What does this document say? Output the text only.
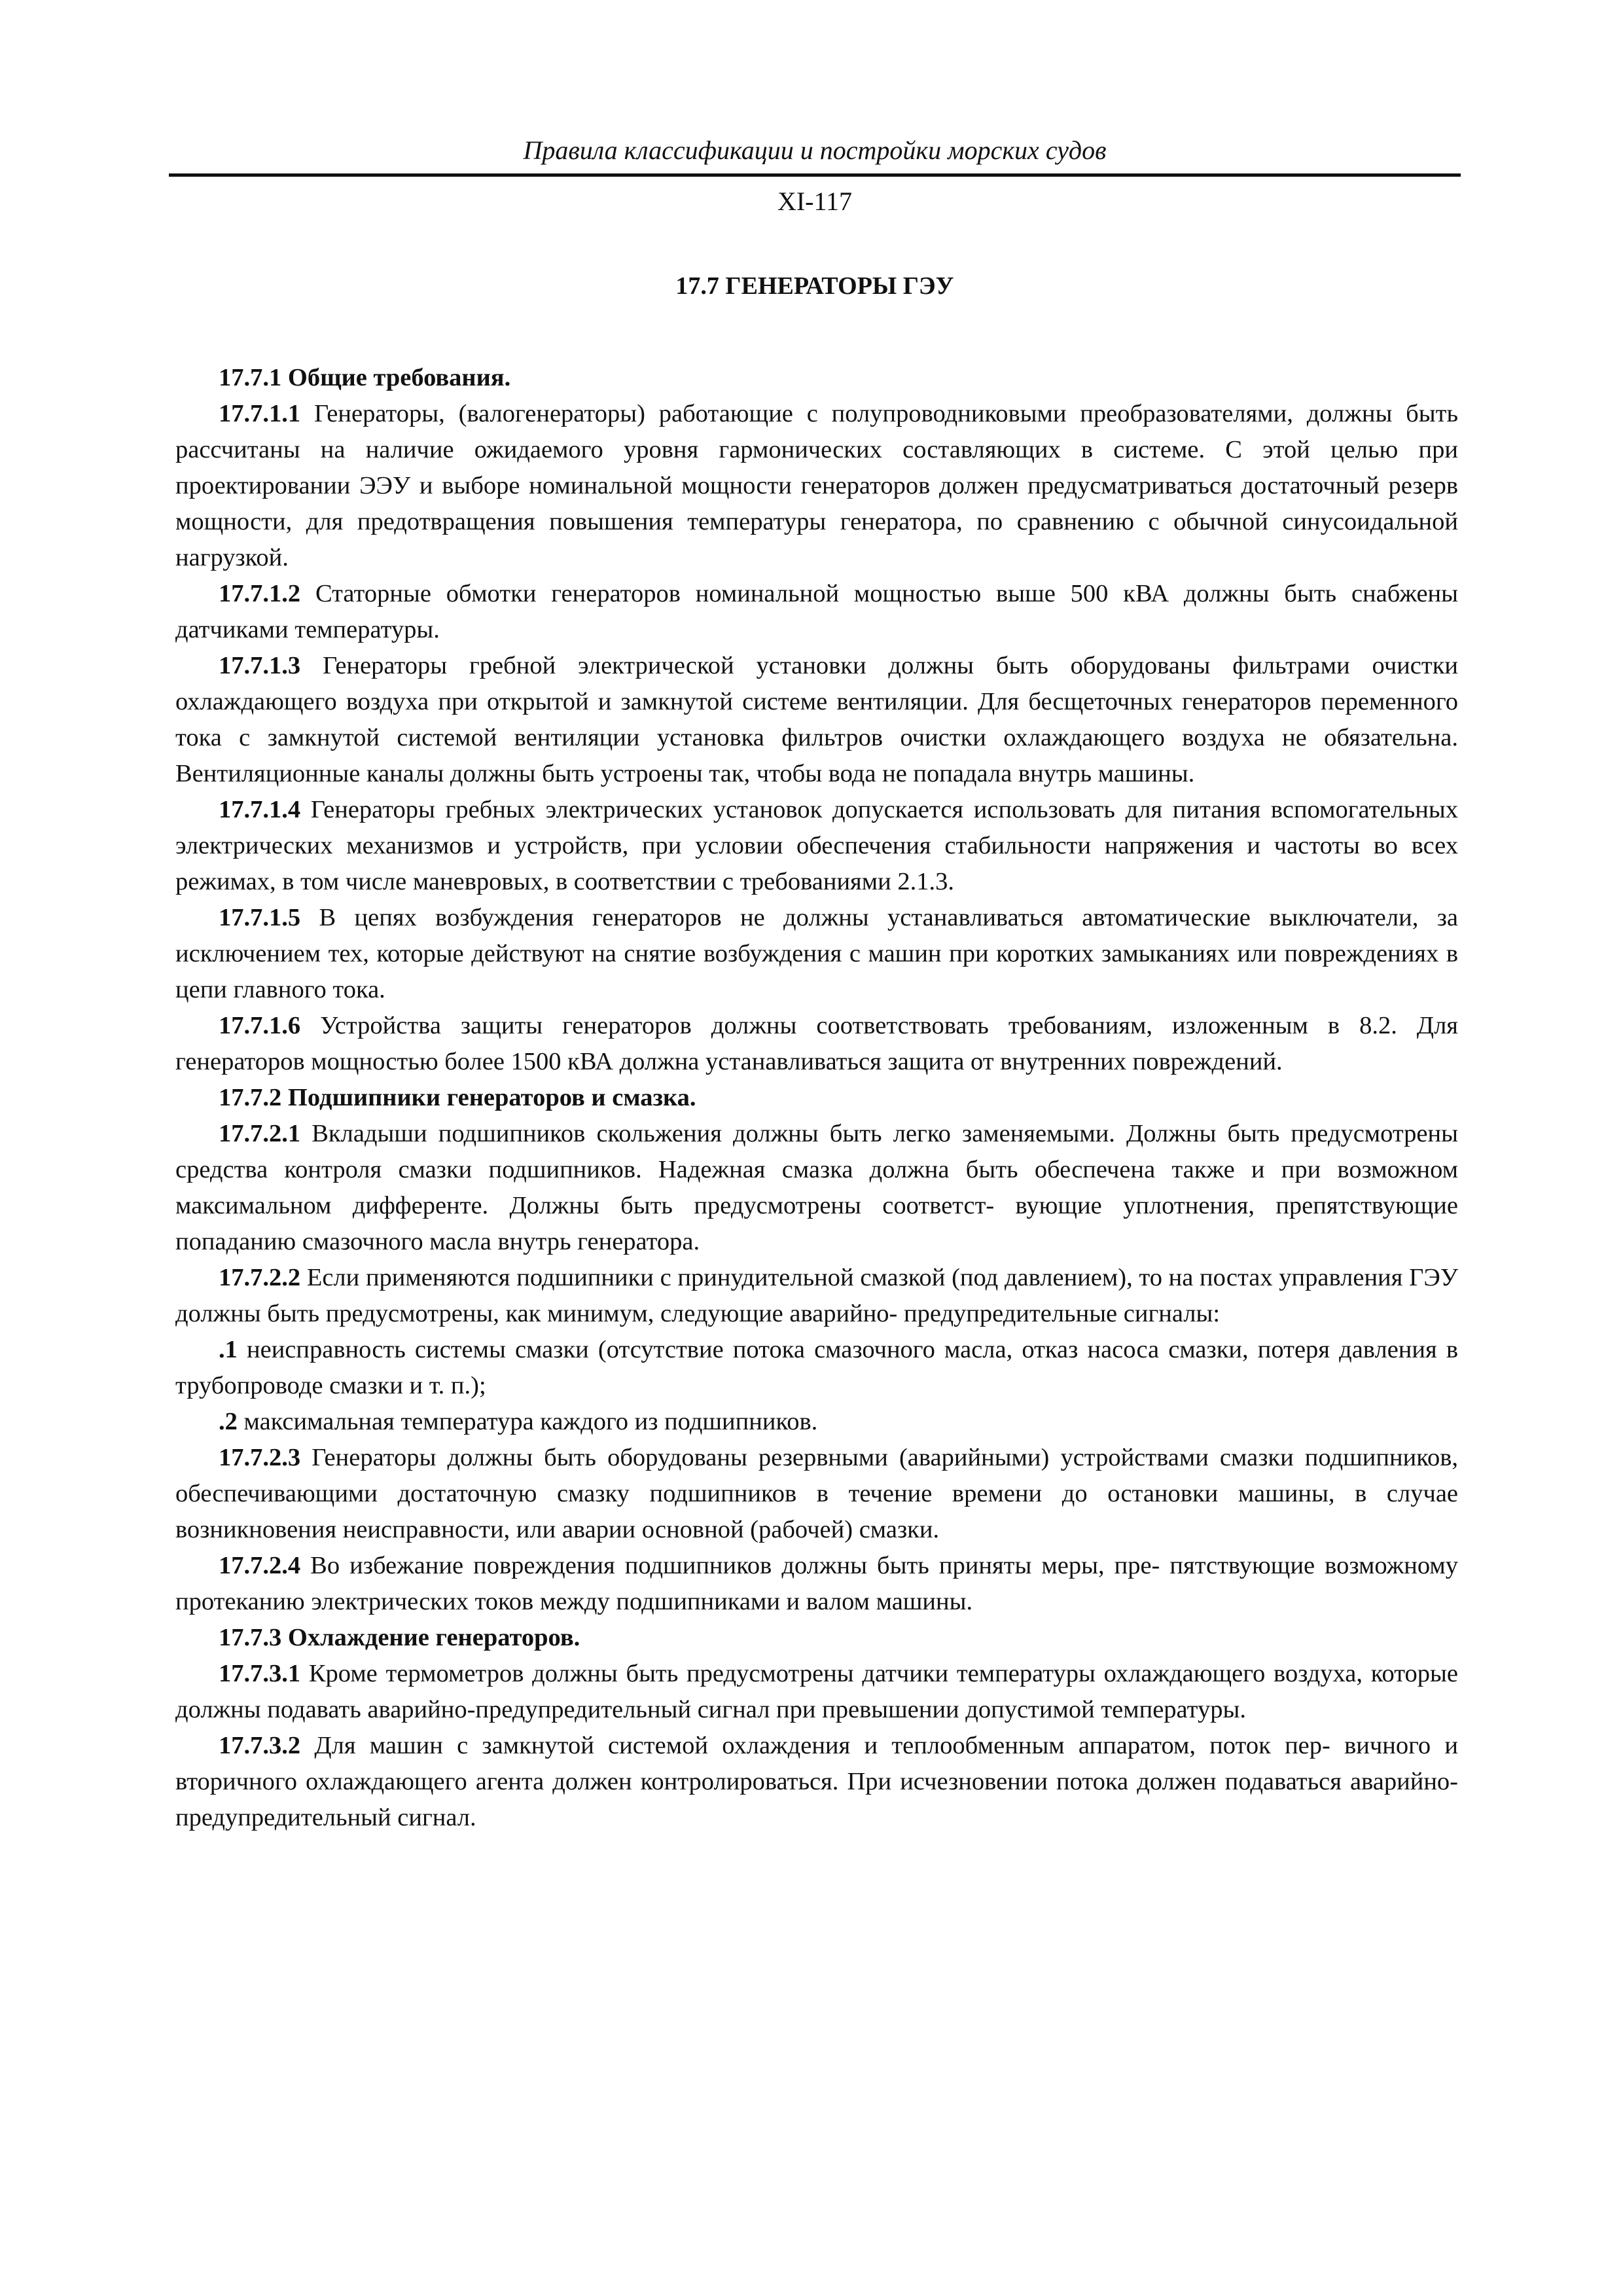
Правила классификации и постройки морских судов
XI-117
17.7 ГЕНЕРАТОРЫ ГЭУ

17.7.1 Общие требования.

17.7.1.1 Генераторы, (валогенераторы) работающие с полупроводниковыми преобразователями, должны быть рассчитаны на наличие ожидаемого уровня гармонических составляющих в системе. С этой целью при проектировании ЭЭУ и выборе номинальной мощности генераторов должен предусматриваться достаточный резерв мощности, для предотвращения повышения температуры генератора, по сравнению с обычной синусоидальной нагрузкой.

17.7.1.2 Статорные обмотки генераторов номинальной мощностью выше 500 кВА должны быть снабжены датчиками температуры.

17.7.1.3 Генераторы гребной электрической установки должны быть оборудованы фильтрами очистки охлаждающего воздуха при открытой и замкнутой системе вентиляции. Для бесщеточных генераторов переменного тока с замкнутой системой вентиляции установка фильтров очистки охлаждающего воздуха не обязательна. Вентиляционные каналы должны быть устроены так, чтобы вода не попадала внутрь машины.

17.7.1.4 Генераторы гребных электрических установок допускается использовать для питания вспомогательных электрических механизмов и устройств, при условии обеспечения стабильности напряжения и частоты во всех режимах, в том числе маневровых, в соответствии с требованиями 2.1.3.

17.7.1.5 В цепях возбуждения генераторов не должны устанавливаться автоматические выключатели, за исключением тех, которые действуют на снятие возбуждения с машин при коротких замыканиях или повреждениях в цепи главного тока.

17.7.1.6 Устройства защиты генераторов должны соответствовать требованиям, изложенным в 8.2. Для генераторов мощностью более 1500 кВА должна устанавливаться защита от внутренних повреждений.

17.7.2 Подшипники генераторов и смазка.

17.7.2.1 Вкладыши подшипников скольжения должны быть легко заменяемыми. Должны быть предусмотрены средства контроля смазки подшипников. Надежная смазка должна быть обеспечена также и при возможном максимальном дифференте. Должны быть предусмотрены соответст- вующие уплотнения, препятствующие попаданию смазочного масла внутрь генератора.

17.7.2.2 Если применяются подшипники с принудительной смазкой (под давлением), то на постах управления ГЭУ должны быть предусмотрены, как минимум, следующие аварийно- предупредительные сигналы:

.1 неисправность системы смазки (отсутствие потока смазочного масла, отказ насоса смазки, потеря давления в трубопроводе смазки и т. п.);

.2 максимальная температура каждого из подшипников.

17.7.2.3 Генераторы должны быть оборудованы резервными (аварийными) устройствами смазки подшипников, обеспечивающими достаточную смазку подшипников в течение времени до остановки машины, в случае возникновения неисправности, или аварии основной (рабочей) смазки.

17.7.2.4 Во избежание повреждения подшипников должны быть приняты меры, пре- пятствующие возможному протеканию электрических токов между подшипниками и валом машины.

17.7.3 Охлаждение генераторов.

17.7.3.1 Кроме термометров должны быть предусмотрены датчики температуры охлаждающего воздуха, которые должны подавать аварийно-предупредительный сигнал при превышении допустимой температуры.

17.7.3.2 Для машин с замкнутой системой охлаждения и теплообменным аппаратом, поток пер- вичного и вторичного охлаждающего агента должен контролироваться. При исчезновении потока должен подаваться аварийно-предупредительный сигнал.
